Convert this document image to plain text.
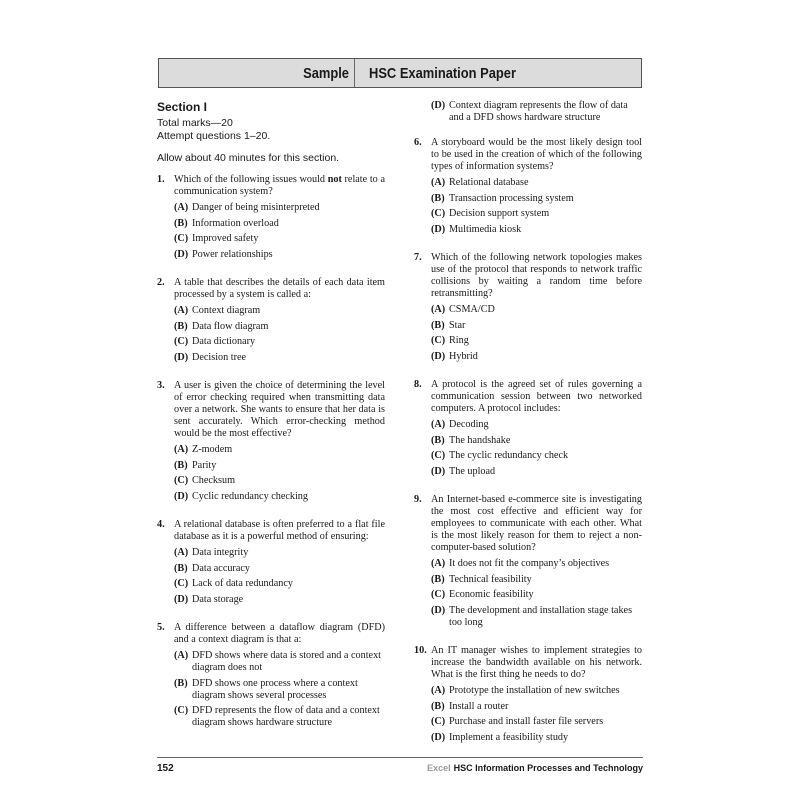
Sample	HSC Examination Paper
Section I
Total marks—20
Attempt questions 1–20.
Allow about 40 minutes for this section.
1. Which of the following issues would not relate to a communication system?
(A) Danger of being misinterpreted
(B) Information overload
(C) Improved safety
(D) Power relationships
2. A table that describes the details of each data item processed by a system is called a:
(A) Context diagram
(B) Data flow diagram
(C) Data dictionary
(D) Decision tree
3. A user is given the choice of determining the level of error checking required when transmitting data over a network. She wants to ensure that her data is sent accurately. Which error-checking method would be the most effective?
(A) Z-modem
(B) Parity
(C) Checksum
(D) Cyclic redundancy checking
4. A relational database is often preferred to a flat file database as it is a powerful method of ensuring:
(A) Data integrity
(B) Data accuracy
(C) Lack of data redundancy
(D) Data storage
5. A difference between a dataflow diagram (DFD) and a context diagram is that a:
(A) DFD shows where data is stored and a context diagram does not
(B) DFD shows one process where a context diagram shows several processes
(C) DFD represents the flow of data and a context diagram shows hardware structure
(D) Context diagram represents the flow of data and a DFD shows hardware structure
6. A storyboard would be the most likely design tool to be used in the creation of which of the following types of information systems?
(A) Relational database
(B) Transaction processing system
(C) Decision support system
(D) Multimedia kiosk
7. Which of the following network topologies makes use of the protocol that responds to network traffic collisions by waiting a random time before retransmitting?
(A) CSMA/CD
(B) Star
(C) Ring
(D) Hybrid
8. A protocol is the agreed set of rules governing a communication session between two networked computers. A protocol includes:
(A) Decoding
(B) The handshake
(C) The cyclic redundancy check
(D) The upload
9. An Internet-based e-commerce site is investigating the most cost effective and efficient way for employees to communicate with each other. What is the most likely reason for them to reject a non-computer-based solution?
(A) It does not fit the company’s objectives
(B) Technical feasibility
(C) Economic feasibility
(D) The development and installation stage takes too long
10. An IT manager wishes to implement strategies to increase the bandwidth available on his network. What is the first thing he needs to do?
(A) Prototype the installation of new switches
(B) Install a router
(C) Purchase and install faster file servers
(D) Implement a feasibility study
152	Excel HSC Information Processes and Technology
